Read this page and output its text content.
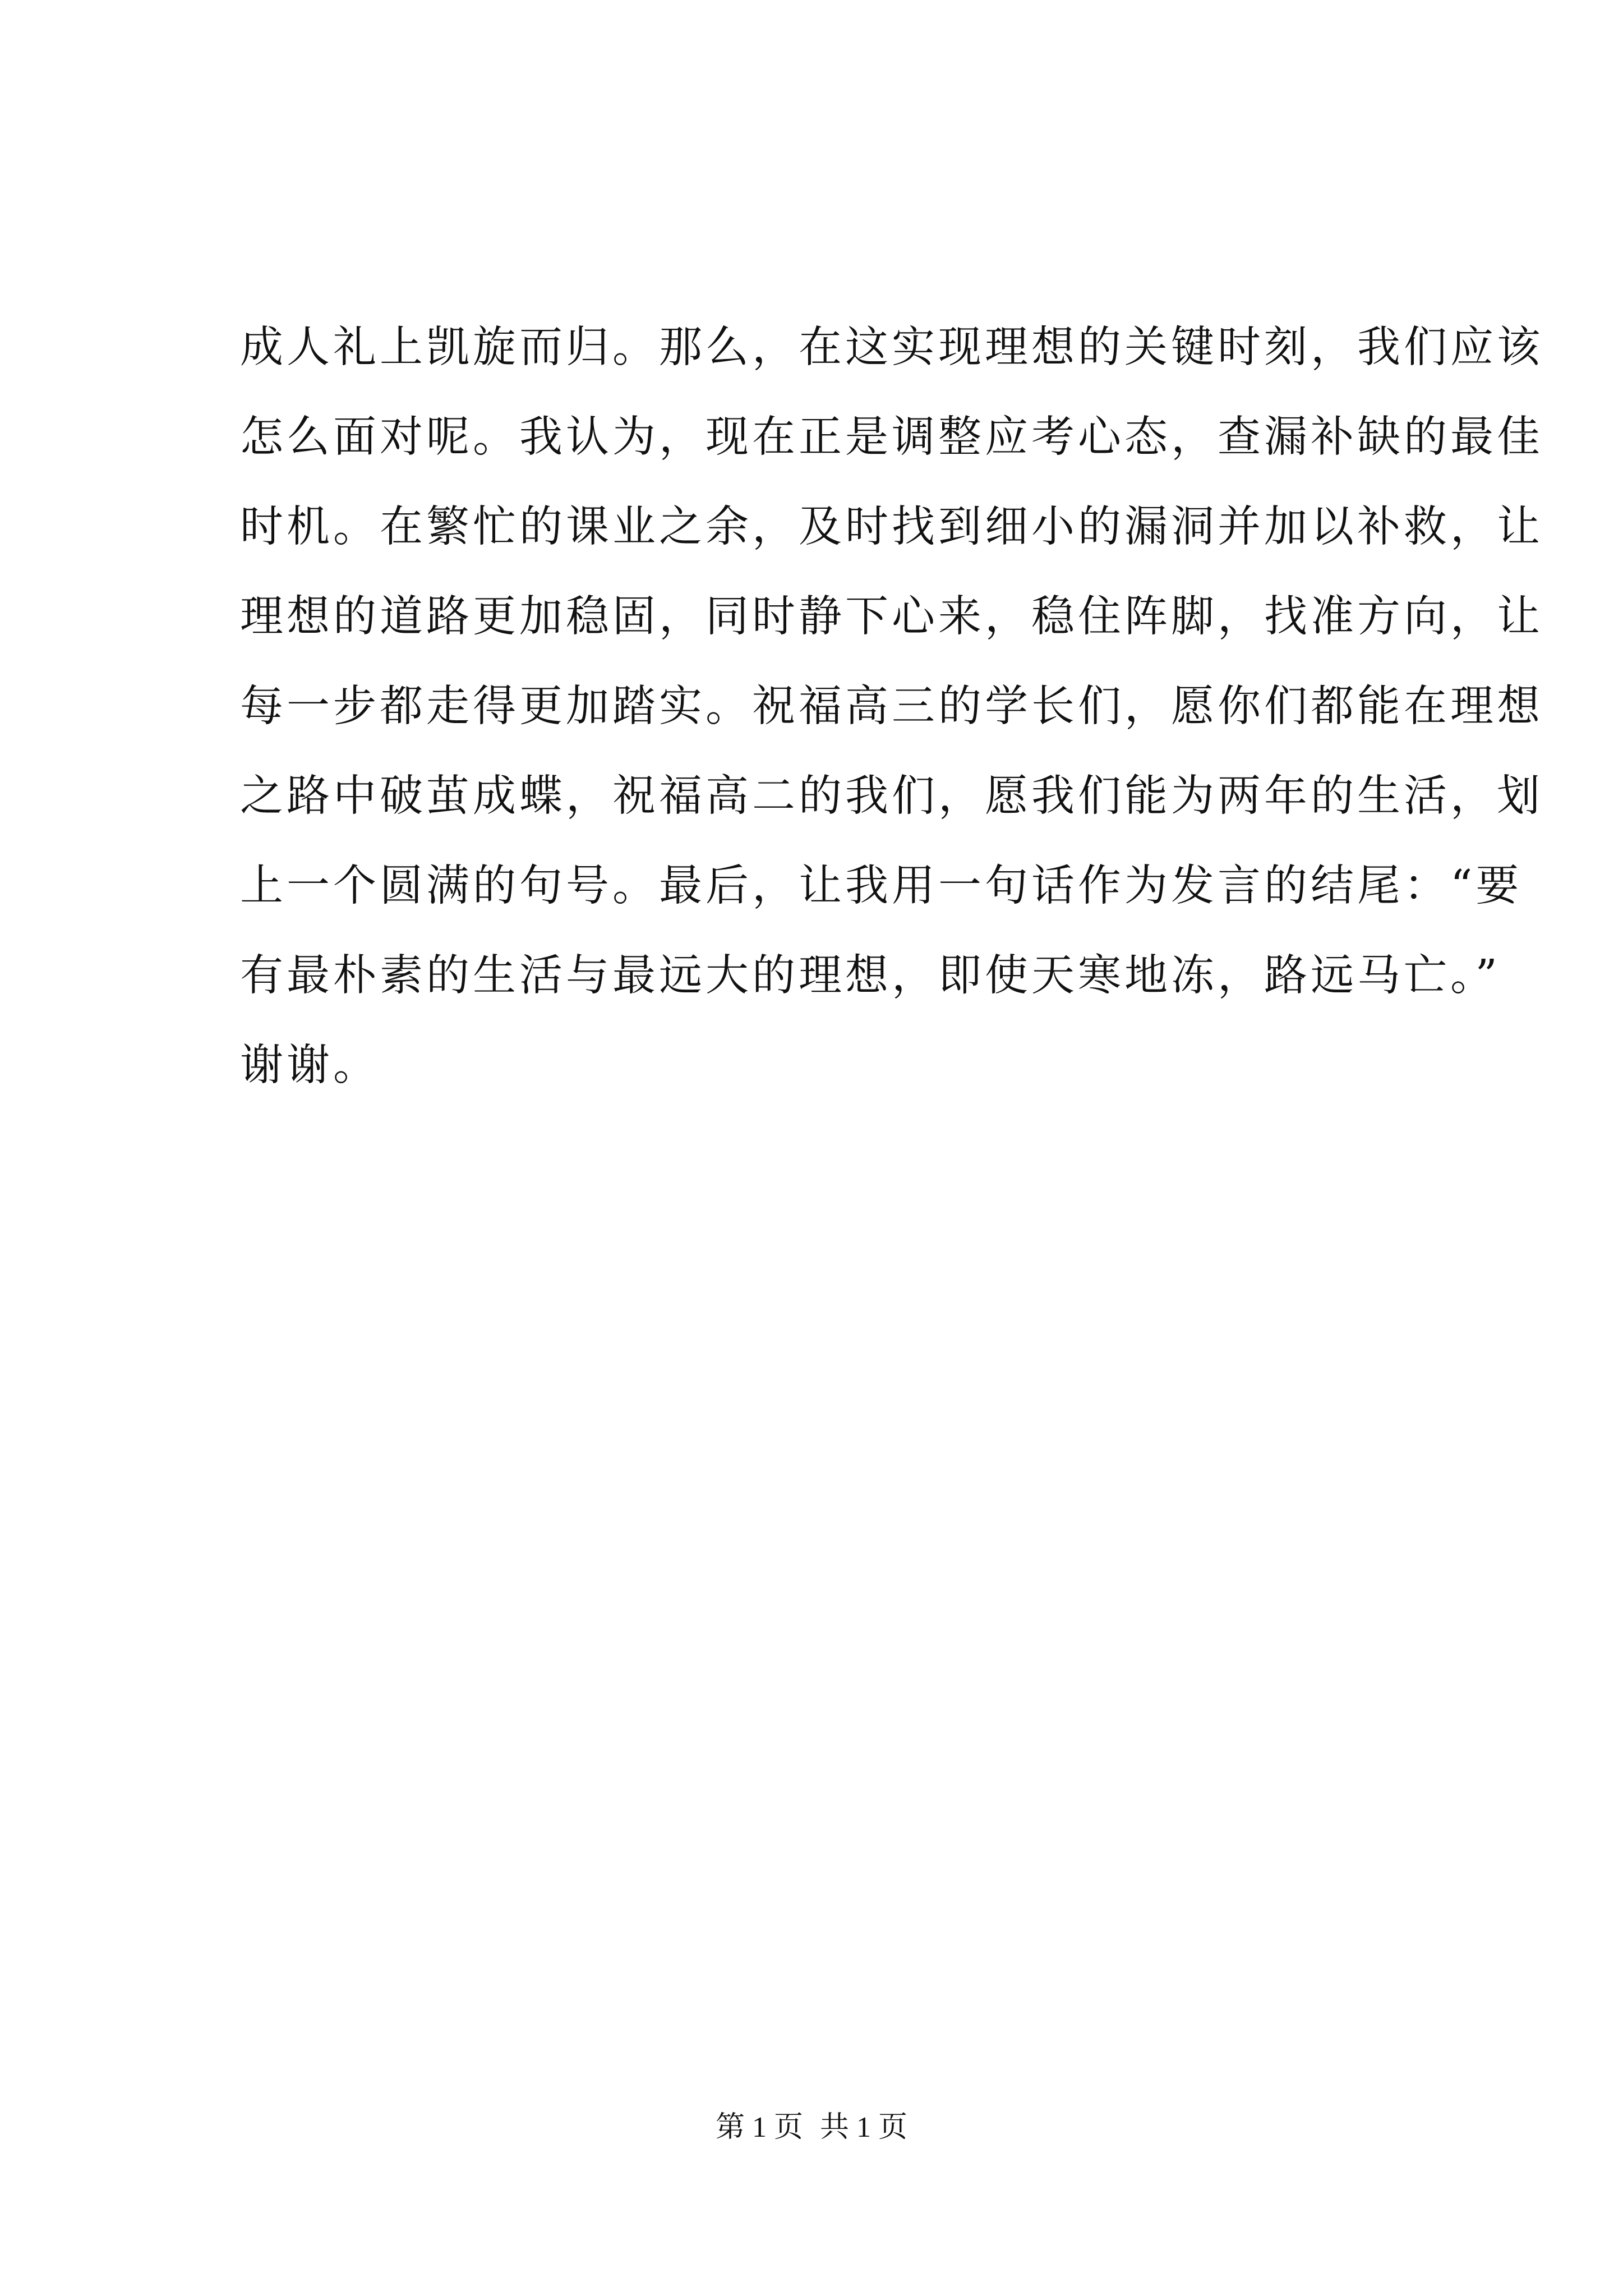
成人礼上凯旋而归。那么，在这实现理想的关键时刻，我们应该
怎么面对呢。我认为，现在正是调整应考心态，查漏补缺的最佳
时机。在繁忙的课业之余，及时找到细小的漏洞并加以补救，让
理想的道路更加稳固，同时静下心来，稳住阵脚，找准方向，让
每一步都走得更加踏实。祝福高三的学长们，愿你们都能在理想
之路中破茧成蝶，祝福高二的我们，愿我们能为两年的生活，划
上一个圆满的句号。最后，让我用一句话作为发言的结尾：“要
有最朴素的生活与最远大的理想，即使天寒地冻，路远马亡。”
谢谢。
第 1 页 共 1 页
